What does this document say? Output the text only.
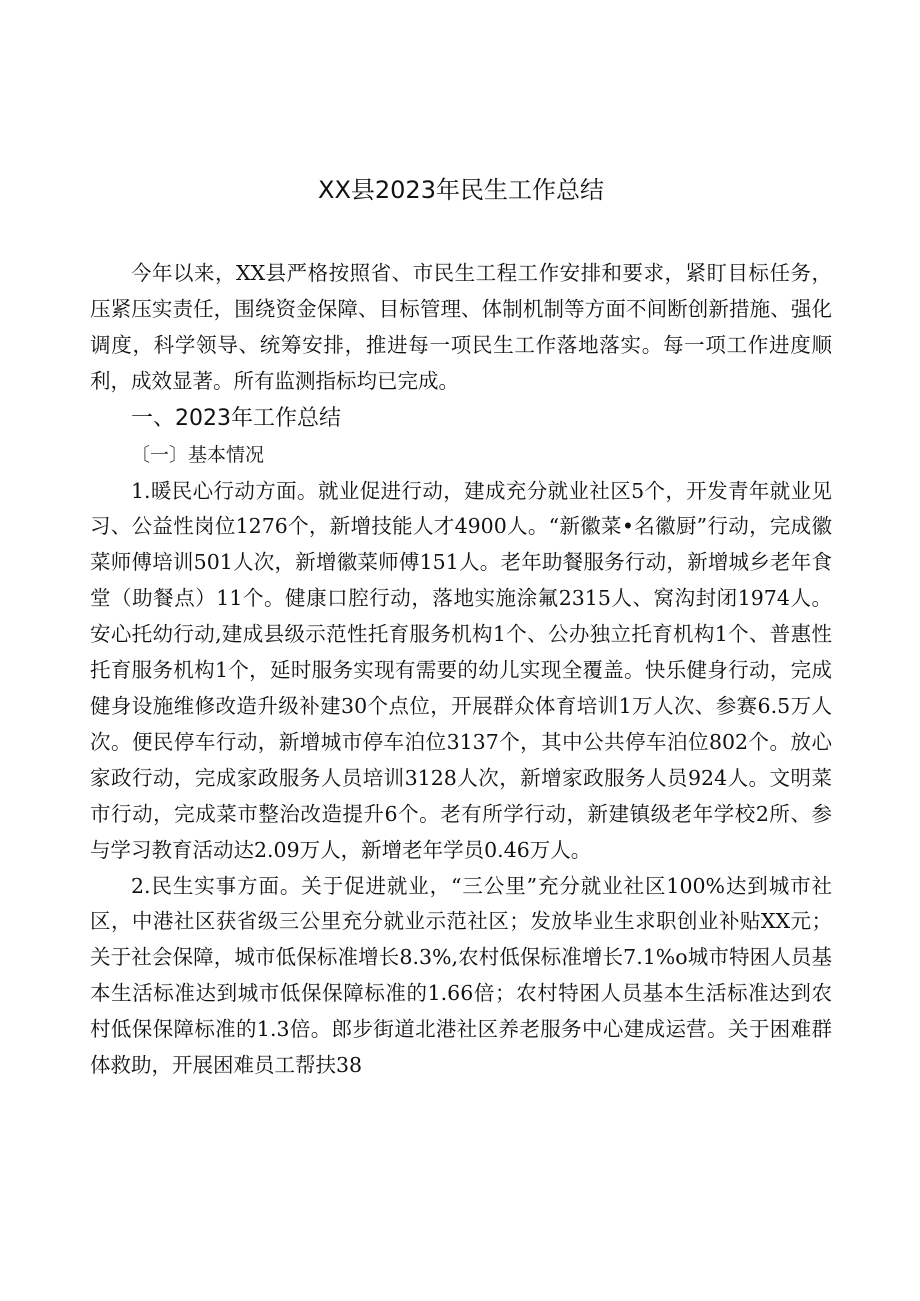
XX县2023年民生工作总结

今年以来，XX县严格按照省、市民生工程工作安排和要求，紧盯目标任务，压紧压实责任，围绕资金保障、目标管理、体制机制等方面不间断创新措施、强化调度，科学领导、统筹安排，推进每一项民生工作落地落实。每一项工作进度顺利，成效显著。所有监测指标均已完成。

一、2023年工作总结

〔一〕基本情况

1.暖民心行动方面。就业促进行动，建成充分就业社区5个，开发青年就业见习、公益性岗位1276个，新增技能人才4900人。“新徽菜•名徽厨”行动，完成徽菜师傅培训501人次，新增徽菜师傅151人。老年助餐服务行动，新增城乡老年食堂（助餐点）11个。健康口腔行动，落地实施涂氟2315人、窝沟封闭1974人。安心托幼行动,建成县级示范性托育服务机构1个、公办独立托育机构1个、普惠性托育服务机构1个，延时服务实现有需要的幼儿实现全覆盖。快乐健身行动，完成健身设施维修改造升级补建30个点位，开展群众体育培训1万人次、参赛6.5万人次。便民停车行动，新增城市停车泊位3137个，其中公共停车泊位802个。放心家政行动，完成家政服务人员培训3128人次，新增家政服务人员924人。文明菜市行动，完成菜市整治改造提升6个。老有所学行动，新建镇级老年学校2所、参与学习教育活动达2.09万人，新增老年学员0.46万人。

2.民生实事方面。关于促进就业，“三公里”充分就业社区100%达到城市社区，中港社区获省级三公里充分就业示范社区；发放毕业生求职创业补贴XX元；关于社会保障，城市低保标准增长8.3%,农村低保标准增长7.1%o城市特困人员基本生活标准达到城市低保保障标准的1.66倍；农村特困人员基本生活标准达到农村低保保障标准的1.3倍。郎步街道北港社区养老服务中心建成运营。关于困难群体救助，开展困难员工帮扶38
